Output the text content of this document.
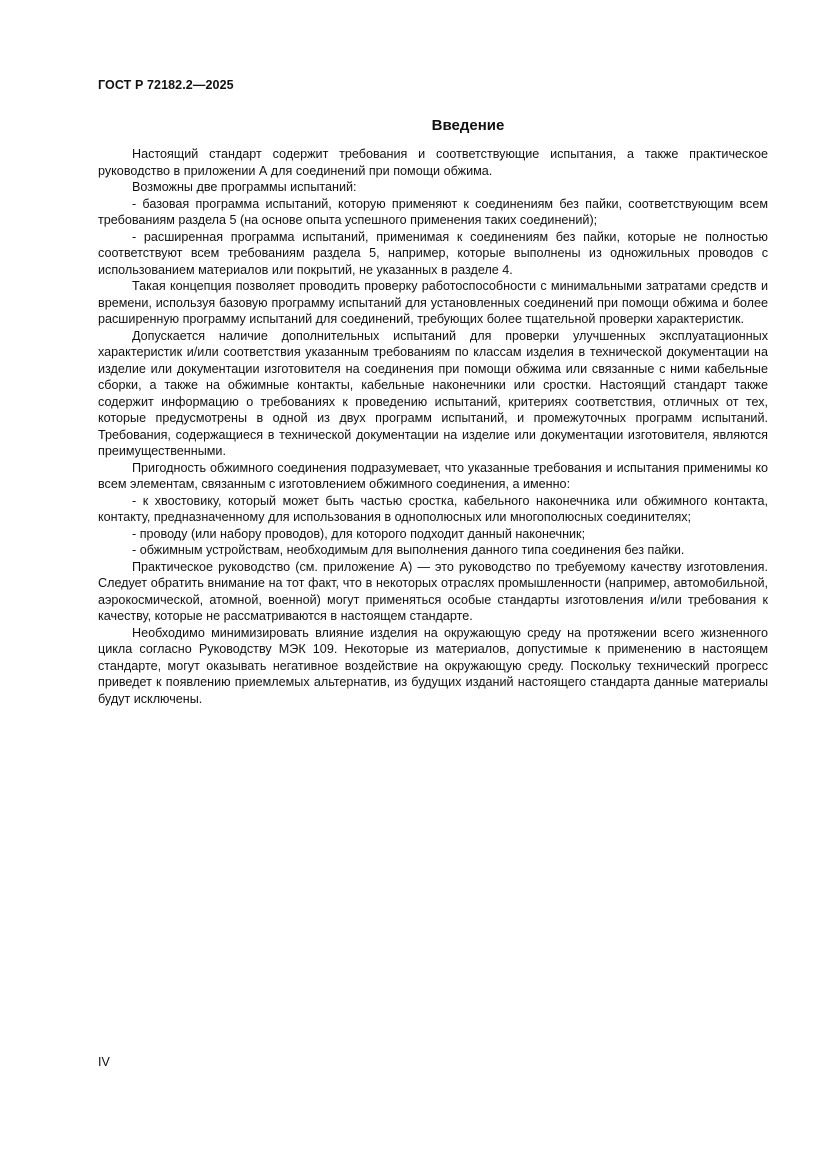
ГОСТ Р 72182.2—2025
Введение

Настоящий стандарт содержит требования и соответствующие испытания, а также практическое руководство в приложении А для соединений при помощи обжима.

Возможны две программы испытаний:

- базовая программа испытаний, которую применяют к соединениям без пайки, соответствующим всем требованиям раздела 5 (на основе опыта успешного применения таких соединений);

- расширенная программа испытаний, применимая к соединениям без пайки, которые не полностью соответствуют всем требованиям раздела 5, например, которые выполнены из одножильных проводов с использованием материалов или покрытий, не указанных в разделе 4.

Такая концепция позволяет проводить проверку работоспособности с минимальными затратами средств и времени, используя базовую программу испытаний для установленных соединений при помощи обжима и более расширенную программу испытаний для соединений, требующих более тщательной проверки характеристик.

Допускается наличие дополнительных испытаний для проверки улучшенных эксплуатационных характеристик и/или соответствия указанным требованиям по классам изделия в технической документации на изделие или документации изготовителя на соединения при помощи обжима или связанные с ними кабельные сборки, а также на обжимные контакты, кабельные наконечники или сростки. Настоящий стандарт также содержит информацию о требованиях к проведению испытаний, критериях соответствия, отличных от тех, которые предусмотрены в одной из двух программ испытаний, и промежуточных программ испытаний. Требования, содержащиеся в технической документации на изделие или документации изготовителя, являются преимущественными.

Пригодность обжимного соединения подразумевает, что указанные требования и испытания применимы ко всем элементам, связанным с изготовлением обжимного соединения, а именно:

- к хвостовику, который может быть частью сростка, кабельного наконечника или обжимного контакта, контакту, предназначенному для использования в однополюсных или многополюсных соединителях;

- проводу (или набору проводов), для которого подходит данный наконечник;

- обжимным устройствам, необходимым для выполнения данного типа соединения без пайки.

Практическое руководство (см. приложение А) — это руководство по требуемому качеству изготовления. Следует обратить внимание на тот факт, что в некоторых отраслях промышленности (например, автомобильной, аэрокосмической, атомной, военной) могут применяться особые стандарты изготовления и/или требования к качеству, которые не рассматриваются в настоящем стандарте.

Необходимо минимизировать влияние изделия на окружающую среду на протяжении всего жизненного цикла согласно Руководству МЭК 109. Некоторые из материалов, допустимые к применению в настоящем стандарте, могут оказывать негативное воздействие на окружающую среду. Поскольку технический прогресс приведет к появлению приемлемых альтернатив, из будущих изданий настоящего стандарта данные материалы будут исключены.

IV
